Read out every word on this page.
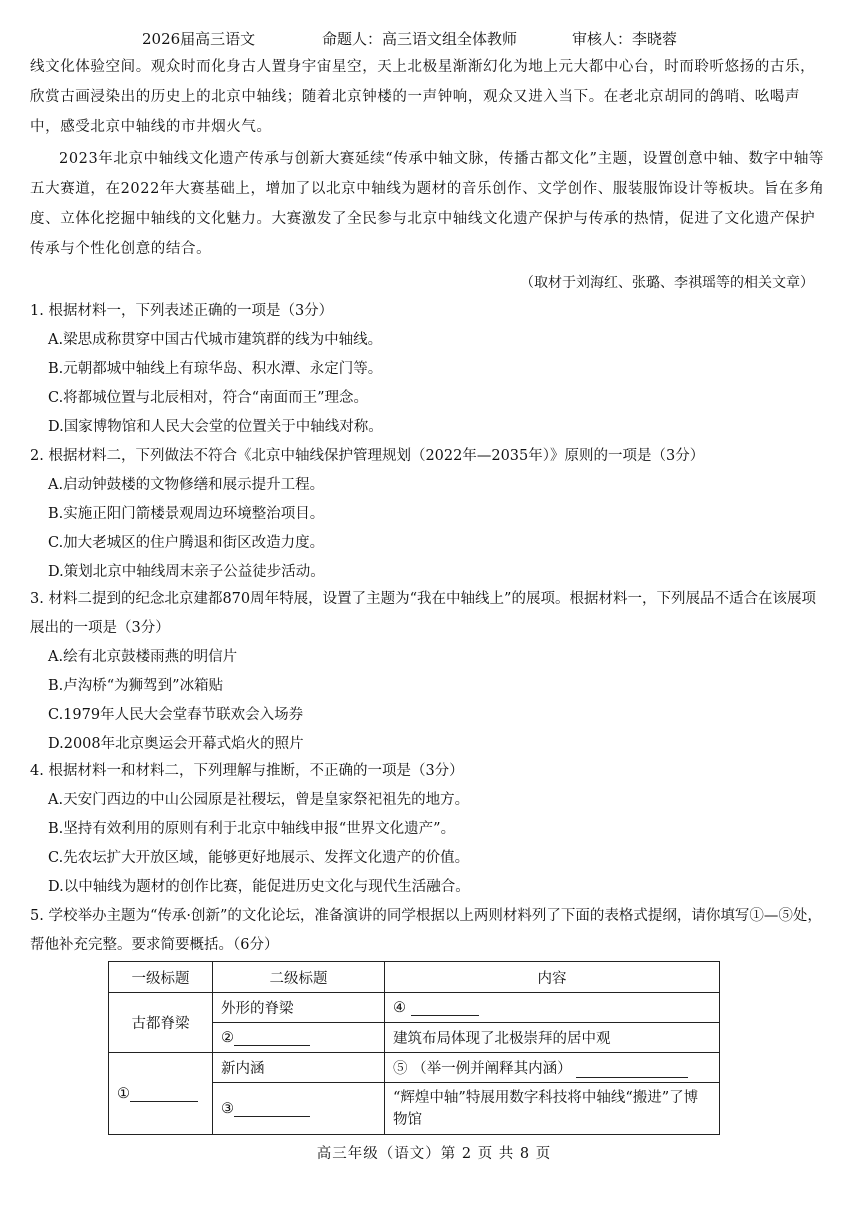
2026届高三语文	命题人：高三语文组全体教师	审核人：李晓蓉
线文化体验空间。观众时而化身古人置身宇宙星空，天上北极星渐渐幻化为地上元大都中心台，时而聆听悠扬的古乐，欣赏古画浸染出的历史上的北京中轴线；随着北京钟楼的一声钟响，观众又进入当下。在老北京胡同的鸽哨、吆喝声中，感受北京中轴线的市井烟火气。
2023年北京中轴线文化遗产传承与创新大赛延续“传承中轴文脉，传播古都文化”主题，设置创意中轴、数字中轴等五大赛道，在2022年大赛基础上，增加了以北京中轴线为题材的音乐创作、文学创作、服装服饰设计等板块。旨在多角度、立体化挖掘中轴线的文化魅力。大赛激发了全民参与北京中轴线文化遗产保护与传承的热情，促进了文化遗产保护传承与个性化创意的结合。
（取材于刘海红、张璐、李祺瑶等的相关文章）
1. 根据材料一，下列表述正确的一项是（3分）
A.梁思成称贯穿中国古代城市建筑群的线为中轴线。
B.元朝都城中轴线上有琼华岛、积水潭、永定门等。
C.将都城位置与北辰相对，符合“南面而王”理念。
D.国家博物馆和人民大会堂的位置关于中轴线对称。
2. 根据材料二，下列做法不符合《北京中轴线保护管理规划（2022年—2035年）》原则的一项是（3分）
A.启动钟鼓楼的文物修缮和展示提升工程。
B.实施正阳门箭楼景观周边环境整治项目。
C.加大老城区的住户腾退和街区改造力度。
D.策划北京中轴线周末亲子公益徒步活动。
3. 材料二提到的纪念北京建都870周年特展，设置了主题为“我在中轴线上”的展项。根据材料一，下列展品不适合在该展项展出的一项是（3分）
A.绘有北京鼓楼雨燕的明信片
B.卢沟桥“为狮驾到”冰箱贴
C.1979年人民大会堂春节联欢会入场券
D.2008年北京奥运会开幕式焰火的照片
4. 根据材料一和材料二，下列理解与推断，不正确的一项是（3分）
A.天安门西边的中山公园原是社稷坛，曾是皇家祭祀祖先的地方。
B.坚持有效利用的原则有利于北京中轴线申报“世界文化遗产”。
C.先农坛扩大开放区域，能够更好地展示、发挥文化遗产的价值。
D.以中轴线为题材的创作比赛，能促进历史文化与现代生活融合。
5. 学校举办主题为“传承·创新”的文化论坛，准备演讲的同学根据以上两则材料列了下面的表格式提纲，请你填写①—⑤处，帮他补充完整。要求简要概括。（6分）
一级标题	二级标题	内容
古都脊梁	外形的脊梁	④
	②	建筑布局体现了北极崇拜的居中观
①	新内涵	⑤ （举一例并阐释其内涵）
	③	“辉煌中轴”特展用数字科技将中轴线“搬进”了博物馆
高三年级（语文）第 2 页 共 8 页
